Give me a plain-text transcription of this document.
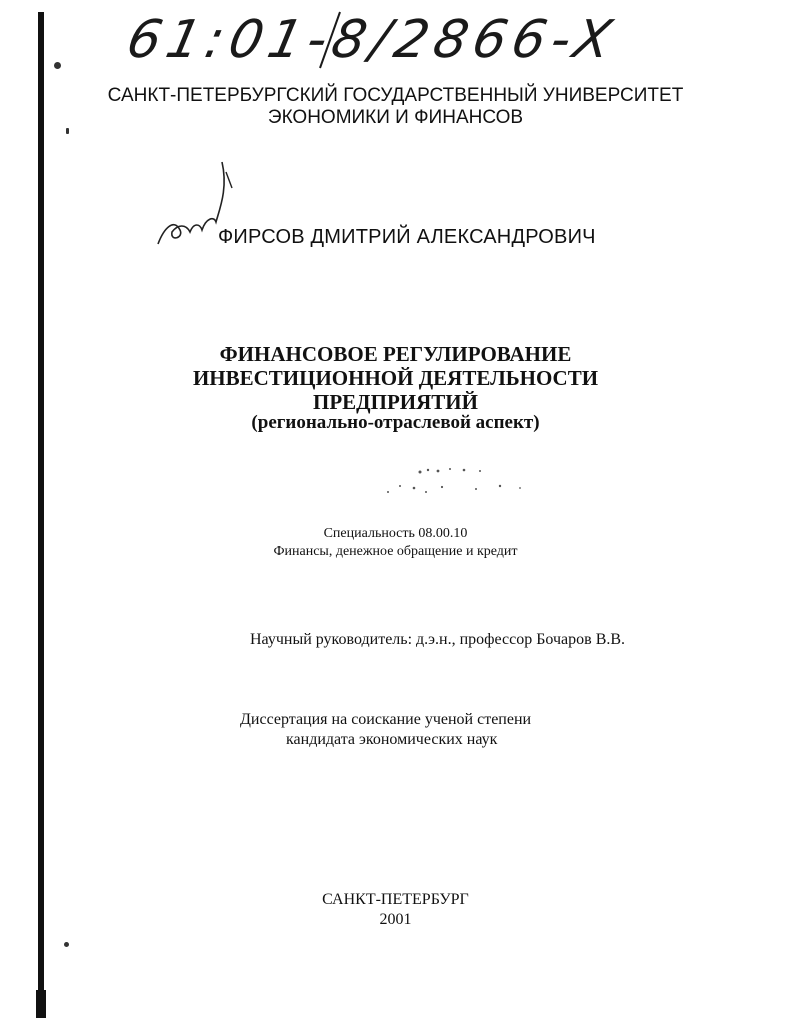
61:01-8/2866-X
САНКТ-ПЕТЕРБУРГСКИЙ ГОСУДАРСТВЕННЫЙ УНИВЕРСИТЕТ
ЭКОНОМИКИ И ФИНАНСОВ
ФИРСОВ ДМИТРИЙ АЛЕКСАНДРОВИЧ
ФИНАНСОВОЕ РЕГУЛИРОВАНИЕ
ИНВЕСТИЦИОННОЙ ДЕЯТЕЛЬНОСТИ
ПРЕДПРИЯТИЙ
(регионально-отраслевой аспект)
Специальность 08.00.10
Финансы, денежное обращение и кредит
Научный руководитель: д.э.н., профессор Бочаров В.В.
Диссертация на соискание ученой степени
кандидата экономических наук
САНКТ-ПЕТЕРБУРГ
2001
